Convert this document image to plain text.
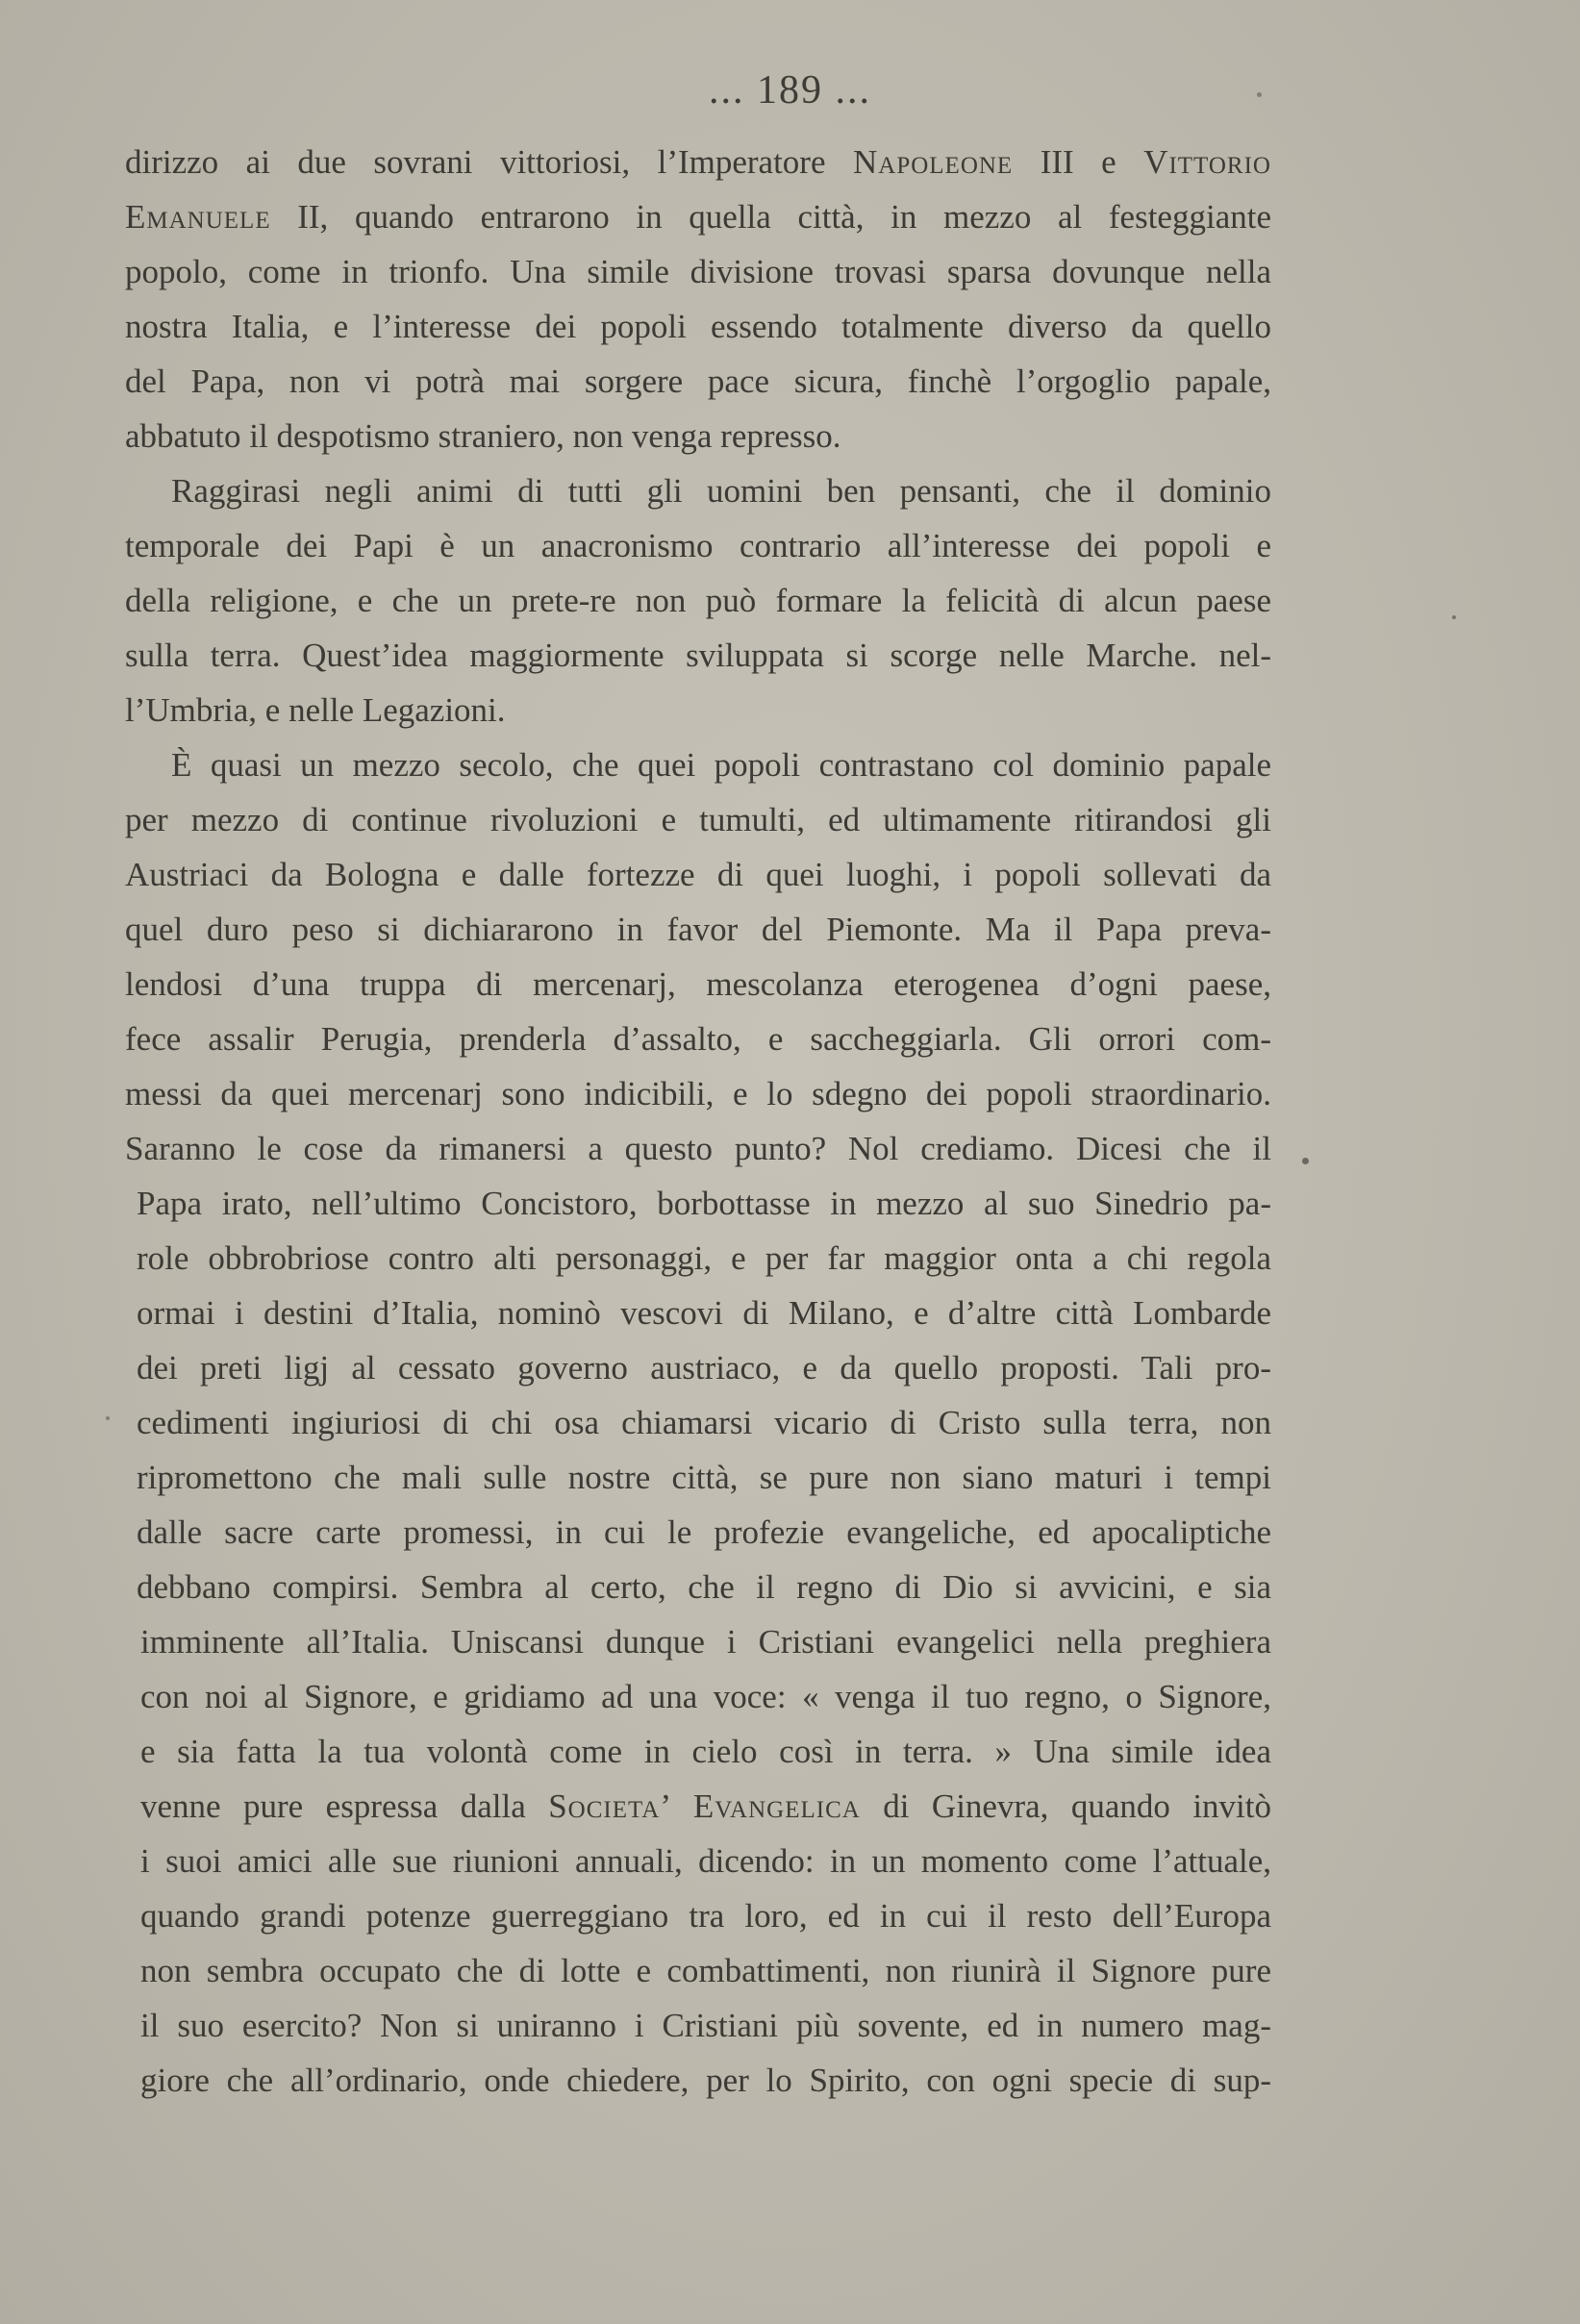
... 189 ...
dirizzo ai due sovrani vittoriosi, l’Imperatore Napoleone III e Vittorio
Emanuele II, quando entrarono in quella città, in mezzo al festeggiante
popolo, come in trionfo. Una simile divisione trovasi sparsa dovunque nella
nostra Italia, e l’interesse dei popoli essendo totalmente diverso da quello
del Papa, non vi potrà mai sorgere pace sicura, finchè l’orgoglio papale,
abbatuto il despotismo straniero, non venga represso.
Raggirasi negli animi di tutti gli uomini ben pensanti, che il dominio
temporale dei Papi è un anacronismo contrario all’interesse dei popoli e
della religione, e che un prete-re non può formare la felicità di alcun paese
sulla terra. Quest’idea maggiormente sviluppata si scorge nelle Marche. nel-
l’Umbria, e nelle Legazioni.
È quasi un mezzo secolo, che quei popoli contrastano col dominio papale
per mezzo di continue rivoluzioni e tumulti, ed ultimamente ritirandosi gli
Austriaci da Bologna e dalle fortezze di quei luoghi, i popoli sollevati da
quel duro peso si dichiararono in favor del Piemonte. Ma il Papa preva-
lendosi d’una truppa di mercenarj, mescolanza eterogenea d’ogni paese,
fece assalir Perugia, prenderla d’assalto, e saccheggiarla. Gli orrori com-
messi da quei mercenarj sono indicibili, e lo sdegno dei popoli straordinario.
Saranno le cose da rimanersi a questo punto? Nol crediamo. Dicesi che il
Papa irato, nell’ultimo Concistoro, borbottasse in mezzo al suo Sinedrio pa-
role obbrobriose contro alti personaggi, e per far maggior onta a chi regola
ormai i destini d’Italia, nominò vescovi di Milano, e d’altre città Lombarde
dei preti ligj al cessato governo austriaco, e da quello proposti. Tali pro-
cedimenti ingiuriosi di chi osa chiamarsi vicario di Cristo sulla terra, non
ripromettono che mali sulle nostre città, se pure non siano maturi i tempi
dalle sacre carte promessi, in cui le profezie evangeliche, ed apocaliptiche
debbano compirsi. Sembra al certo, che il regno di Dio si avvicini, e sia
imminente all’Italia. Uniscansi dunque i Cristiani evangelici nella preghiera
con noi al Signore, e gridiamo ad una voce: « venga il tuo regno, o Signore,
e sia fatta la tua volontà come in cielo così in terra. » Una simile idea
venne pure espressa dalla Societa’ Evangelica di Ginevra, quando invitò
i suoi amici alle sue riunioni annuali, dicendo: in un momento come l’attuale,
quando grandi potenze guerreggiano tra loro, ed in cui il resto dell’Europa
non sembra occupato che di lotte e combattimenti, non riunirà il Signore pure
il suo esercito? Non si uniranno i Cristiani più sovente, ed in numero mag-
giore che all’ordinario, onde chiedere, per lo Spirito, con ogni specie di sup-
